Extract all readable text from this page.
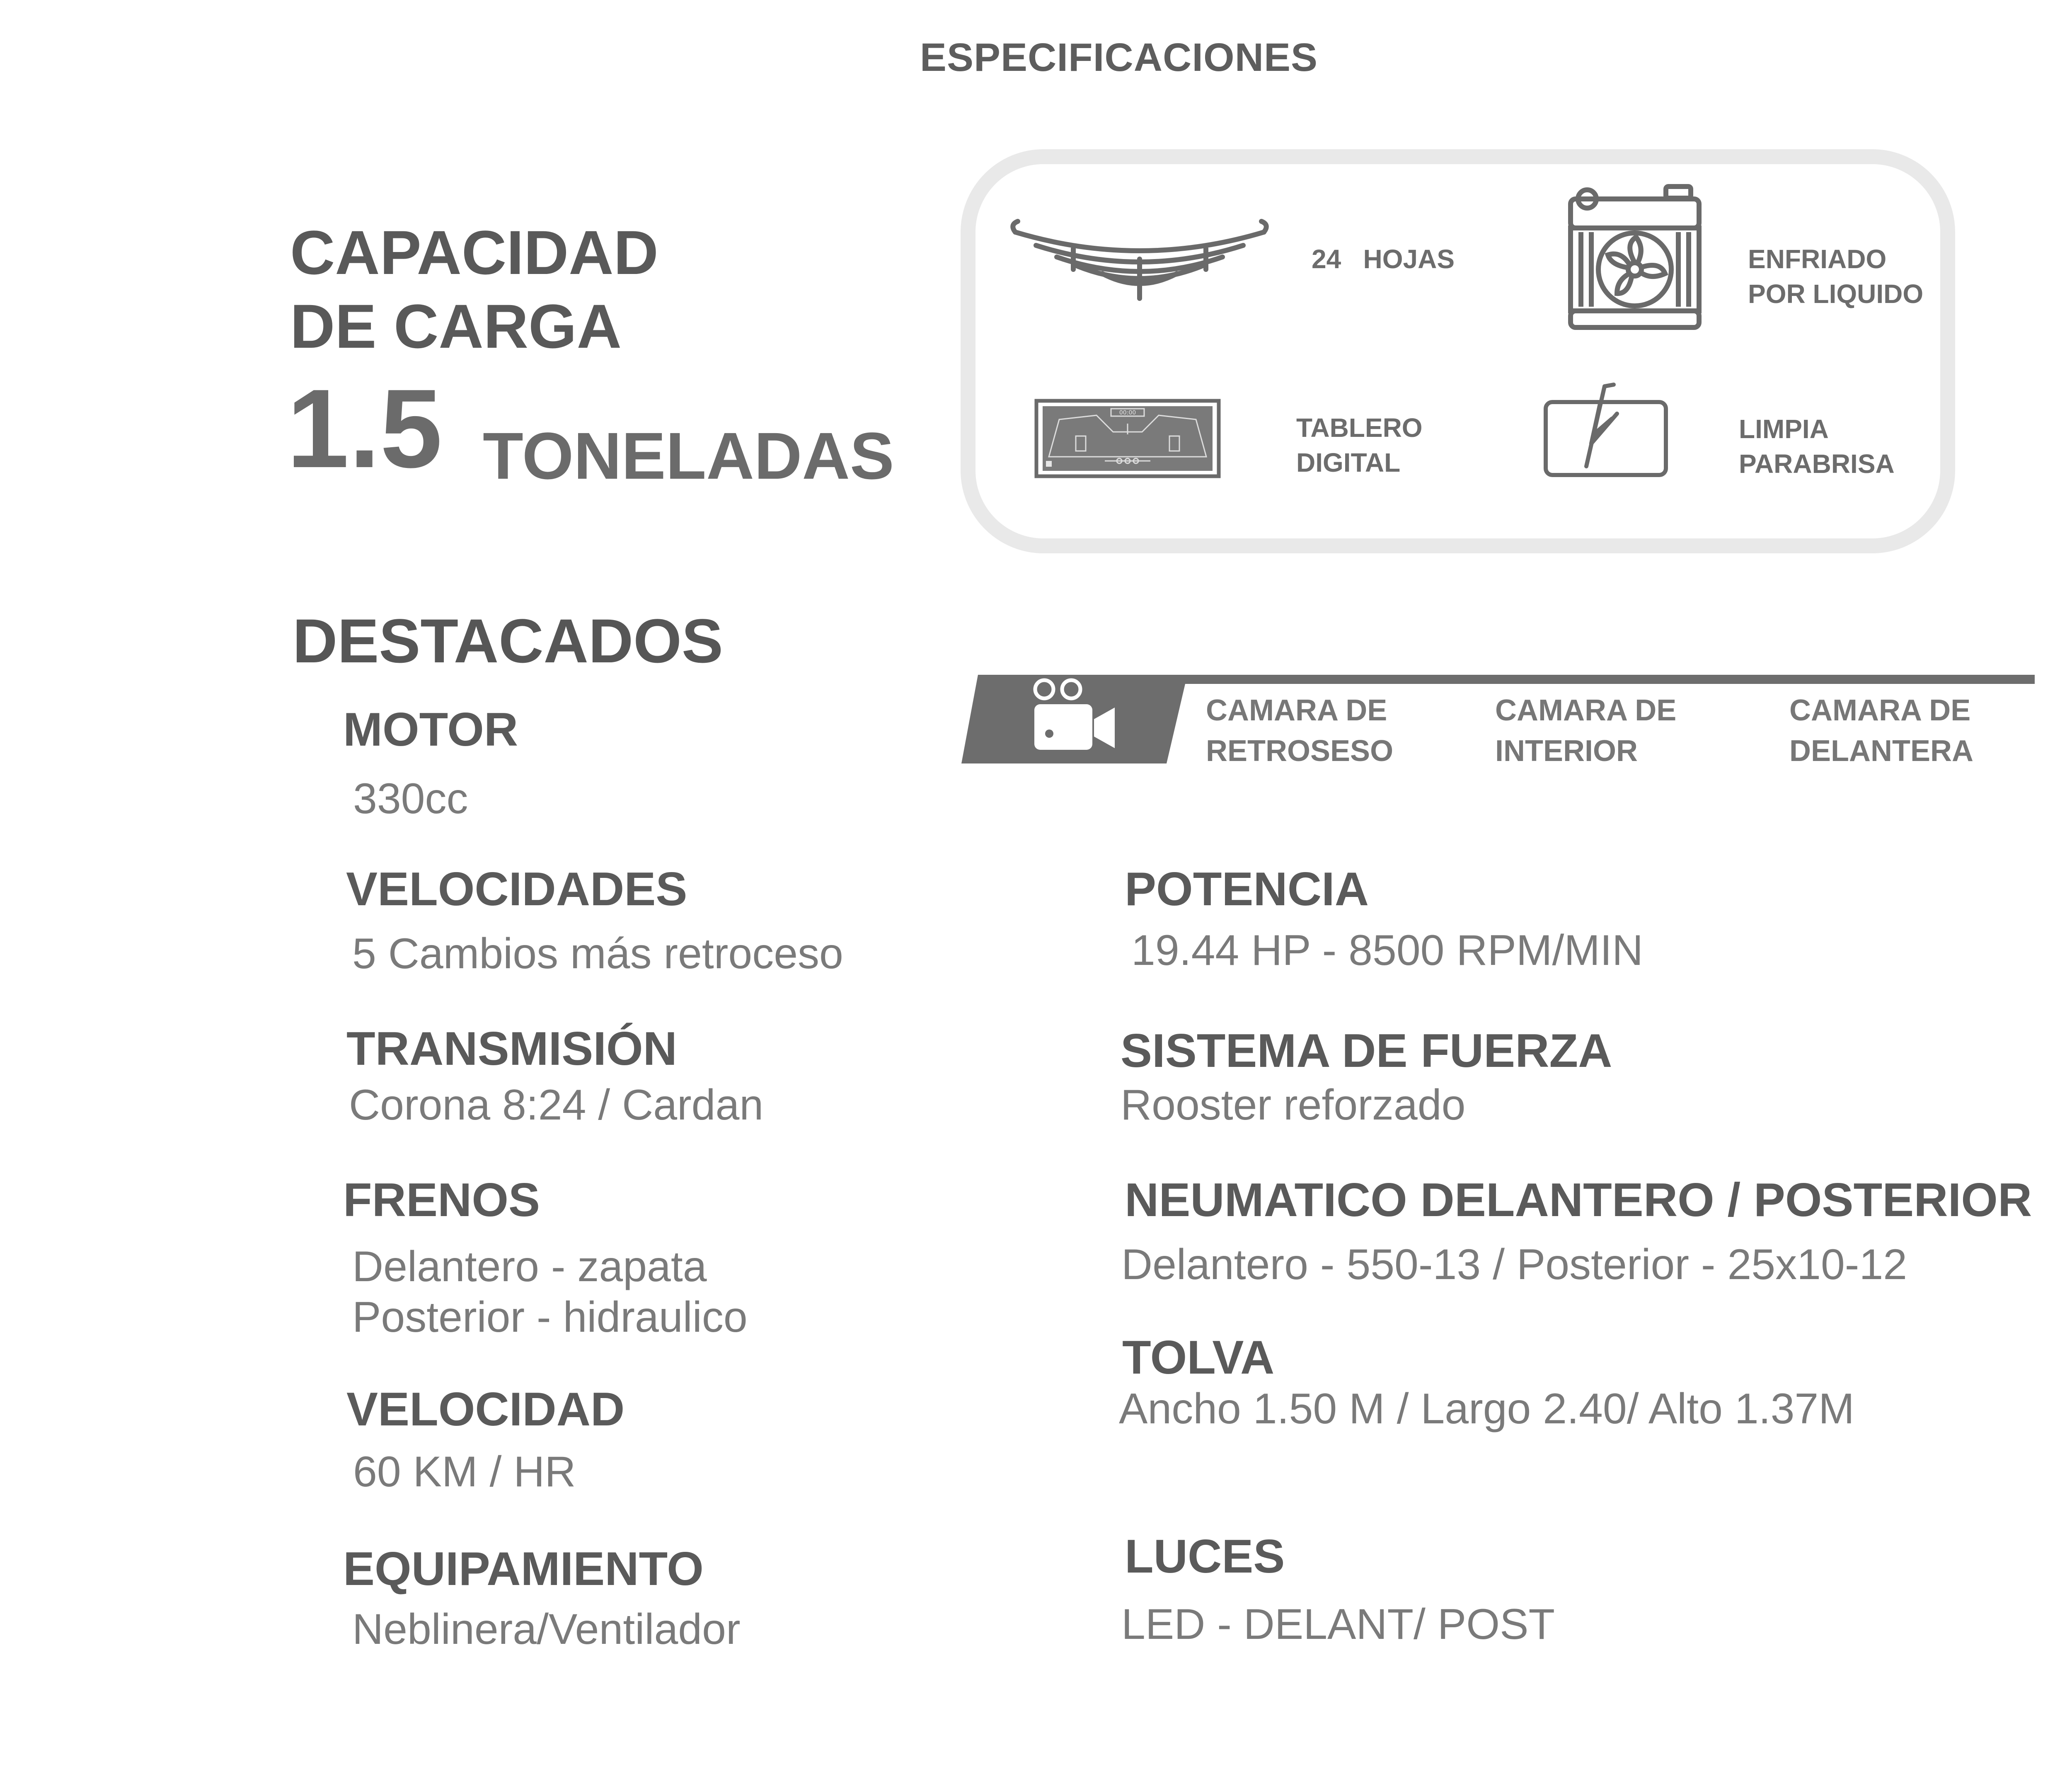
ESPECIFICACIONES
CAPACIDAD
DE CARGA
1.5 TONELADAS
24 HOJAS	ENFRIADO
POR LIQUIDO
00:00	TABLERO
DIGITAL
LIMPIA
PARABRISA
DESTACADOS
CAMARA DE
RETROSESO
CAMARA DE
INTERIOR
CAMARA DE
DELANTERA
MOTOR
330cc
VELOCIDADES
5 Cambios más retroceso
TRANSMISIÓN
Corona 8:24 / Cardan
FRENOS
Delantero - zapata
Posterior - hidraulico
VELOCIDAD
60 KM / HR
EQUIPAMIENTO
Neblinera/Ventilador
POTENCIA
19.44 HP - 8500 RPM/MIN
SISTEMA DE FUERZA
Rooster reforzado
NEUMATICO DELANTERO / POSTERIOR
Delantero - 550-13 / Posterior - 25x10-12
TOLVA
Ancho 1.50 M / Largo 2.40/ Alto 1.37M
LUCES
LED - DELANT/ POST
